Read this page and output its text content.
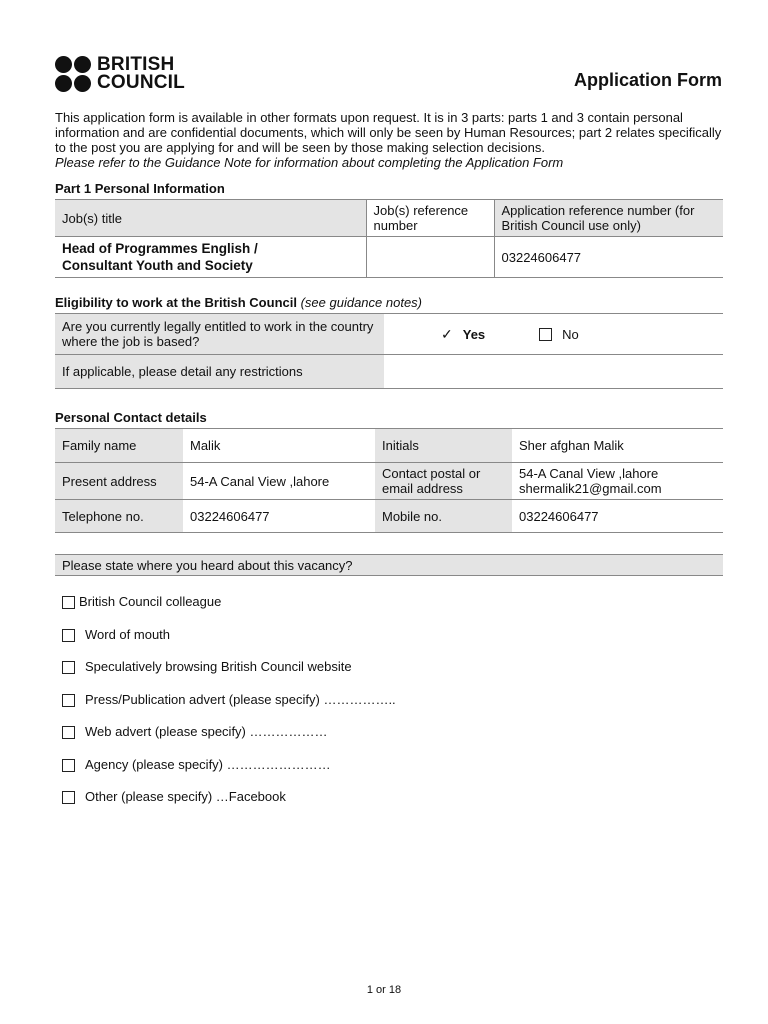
BRITISH
COUNCIL	Application Form
This application form is available in other formats upon request. It is in 3 parts: parts 1 and 3 contain personal information and are confidential documents, which will only be seen by Human Resources; part 2 relates specifically to the post you are applying for and will be seen by those making selection decisions.
Please refer to the Guidance Note for information about completing the Application Form
Part 1 Personal Information
Job(s) title	Job(s) reference number	Application reference number (for British Council use only)

Head of Programmes English /
Consultant Youth and Society		03224606477
Eligibility to work at the British Council (see guidance notes)
Are you currently legally entitled to work in the country where the job is based?	✓ Yes No

If applicable, please detail any restrictions	
Personal Contact details
Family name	Malik	Initials	Sher afghan Malik
Present address	54-A Canal View ,lahore	Contact postal or email address	54-A Canal View ,lahore
shermalik21@gmail.com

Telephone no.	03224606477	Mobile no.	03224606477
Please state where you heard about this vacancy?
British Council colleague
Word of mouth
Speculatively browsing British Council website
Press/Publication advert (please specify) ……………..
Web advert (please specify) ………………
Agency (please specify) ……………………
Other (please specify) …Facebook
1 or 18
